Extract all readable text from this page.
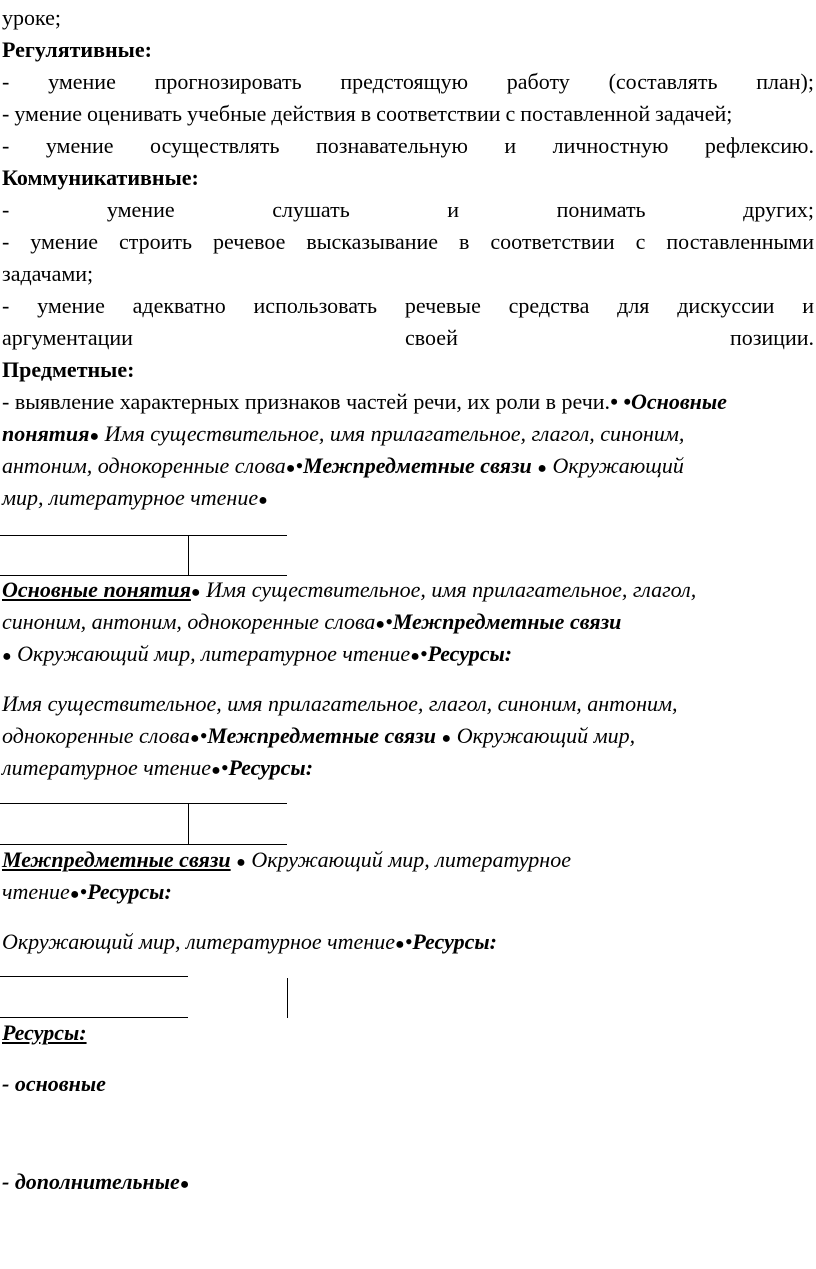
уроке;
Регулятивные:
- умение прогнозировать предстоящую работу (составлять план);
- умение оценивать учебные действия в соответствии с поставленной задачей;
- умение осуществлять познавательную и личностную рефлексию.
Коммуникативные:
- умение слушать и понимать других;
- умение строить речевое высказывание в соответствии с поставленными
задачами;
- умение адекватно использовать речевые средства для дискуссии и
аргументации своей позиции.
Предметные:
- выявление характерных признаков частей речи, их роли в речи.• •Основные
понятия● Имя существительное, имя прилагательное, глагол, синоним,
антоним, однокоренные слова●•Межпредметные связи ● Окружающий
мир, литературное чтение●
Основные понятия● Имя существительное, имя прилагательное, глагол,
синоним, антоним, однокоренные слова●•Межпредметные связи
● Окружающий мир, литературное чтение●•Ресурсы:
Имя существительное, имя прилагательное, глагол, синоним, антоним,
однокоренные слова●•Межпредметные связи ● Окружающий мир,
литературное чтение●•Ресурсы:
Межпредметные связи ● Окружающий мир, литературное
чтение●•Ресурсы:
Окружающий мир, литературное чтение●•Ресурсы:
Ресурсы:
- основные
- дополнительные●
